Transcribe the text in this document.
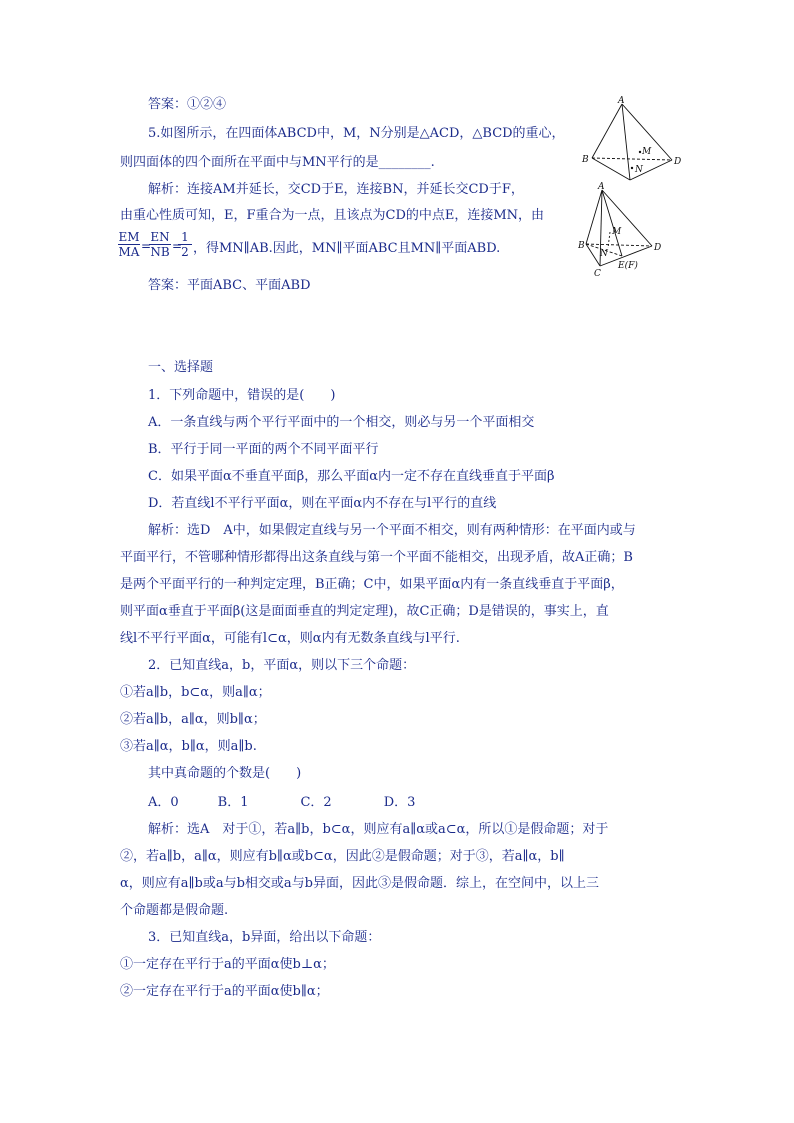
答案：①②④
5.如图所示，在四面体ABCD中，M，N分别是△ACD，△BCD的重心，
则四面体的四个面所在平面中与MN平行的是________.
解析：连接AM并延长，交CD于E，连接BN，并延长交CD于F，
由重心性质可知，E，F重合为一点，且该点为CD的中点E，连接MN，由
$\frac{EM}{MA}$ =
$\frac{EN}{NB}$ =
$\frac{1}{2}$ ，得MN∥AB.因此，MN∥平面ABC且MN∥平面ABD.
答案：平面ABC、平面ABD
一、选择题
1．下列命题中，错误的是(　　)
A．一条直线与两个平行平面中的一个相交，则必与另一个平面相交
B．平行于同一平面的两个不同平面平行
C．如果平面α不垂直平面β，那么平面α内一定不存在直线垂直于平面β
D．若直线l不平行平面α，则在平面α内不存在与l平行的直线
解析：选D　A中，如果假定直线与另一个平面不相交，则有两种情形：在平面内或与
平面平行，不管哪种情形都得出这条直线与第一个平面不能相交，出现矛盾，故A正确；B
是两个平面平行的一种判定定理，B正确；C中，如果平面α内有一条直线垂直于平面β，
则平面α垂直于平面β(这是面面垂直的判定定理)，故C正确；D是错误的，事实上，直
线l不平行平面α，可能有l⊂α，则α内有无数条直线与l平行.
2．已知直线a，b，平面α，则以下三个命题：
①若a∥b，b⊂α，则a∥α；
②若a∥b，a∥α，则b∥α；
③若a∥α，b∥α，则a∥b.
其中真命题的个数是(　　)
A．0　　　B．1　　　　C．2　　　　D．3
解析：选A　对于①，若a∥b，b⊂α，则应有a∥α或a⊂α，所以①是假命题；对于
②，若a∥b，a∥α，则应有b∥α或b⊂α，因此②是假命题；对于③，若a∥α，b∥
α，则应有a∥b或a与b相交或a与b异面，因此③是假命题．综上，在空间中，以上三
个命题都是假命题.
3．已知直线a，b异面，给出以下命题：
①一定存在平行于a的平面α使b⊥α；
②一定存在平行于a的平面α使b∥α；
A
B	D
M
N
A
B
C
D
M
N
E(F)
